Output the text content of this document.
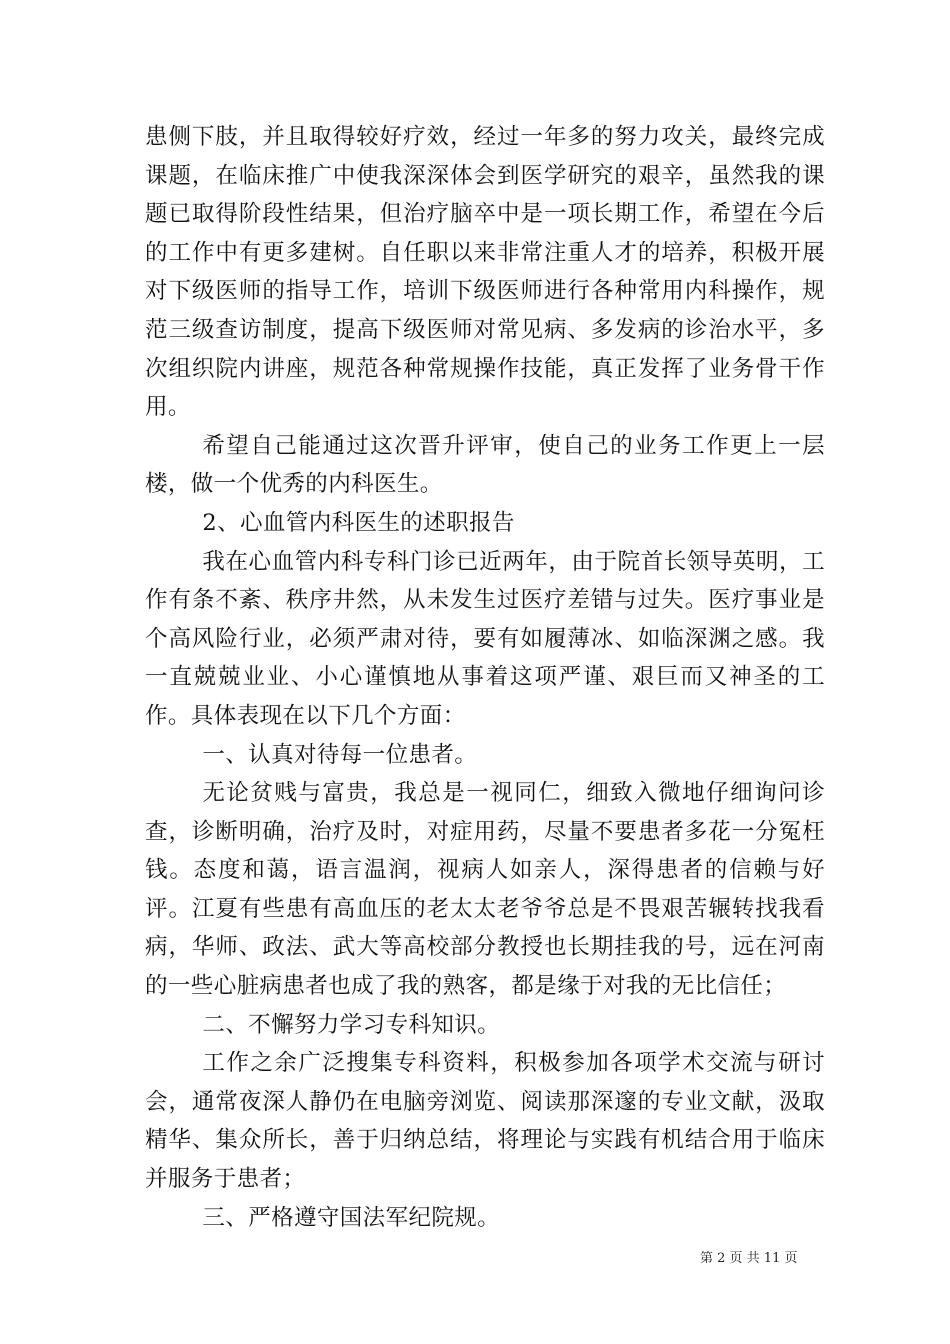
患侧下肢，并且取得较好疗效，经过一年多的努力攻关，最终完成课题，在临床推广中使我深深体会到医学研究的艰辛，虽然我的课题已取得阶段性结果，但治疗脑卒中是一项长期工作，希望在今后的工作中有更多建树。自任职以来非常注重人才的培养，积极开展对下级医师的指导工作，培训下级医师进行各种常用内科操作，规范三级查访制度，提高下级医师对常见病、多发病的诊治水平，多次组织院内讲座，规范各种常规操作技能，真正发挥了业务骨干作用。

希望自己能通过这次晋升评审，使自己的业务工作更上一层楼，做一个优秀的内科医生。

2、心血管内科医生的述职报告

我在心血管内科专科门诊已近两年，由于院首长领导英明，工作有条不紊、秩序井然，从未发生过医疗差错与过失。医疗事业是个高风险行业，必须严肃对待，要有如履薄冰、如临深渊之感。我一直兢兢业业、小心谨慎地从事着这项严谨、艰巨而又神圣的工作。具体表现在以下几个方面：

一、认真对待每一位患者。

无论贫贱与富贵，我总是一视同仁，细致入微地仔细询问诊查，诊断明确，治疗及时，对症用药，尽量不要患者多花一分冤枉钱。态度和蔼，语言温润，视病人如亲人，深得患者的信赖与好评。江夏有些患有高血压的老太太老爷爷总是不畏艰苦辗转找我看病，华师、政法、武大等高校部分教授也长期挂我的号，远在河南的一些心脏病患者也成了我的熟客，都是缘于对我的无比信任；

二、不懈努力学习专科知识。

工作之余广泛搜集专科资料，积极参加各项学术交流与研讨会，通常夜深人静仍在电脑旁浏览、阅读那深邃的专业文献，汲取精华、集众所长，善于归纳总结，将理论与实践有机结合用于临床并服务于患者；

三、严格遵守国法军纪院规。

第 2 页 共 11 页
